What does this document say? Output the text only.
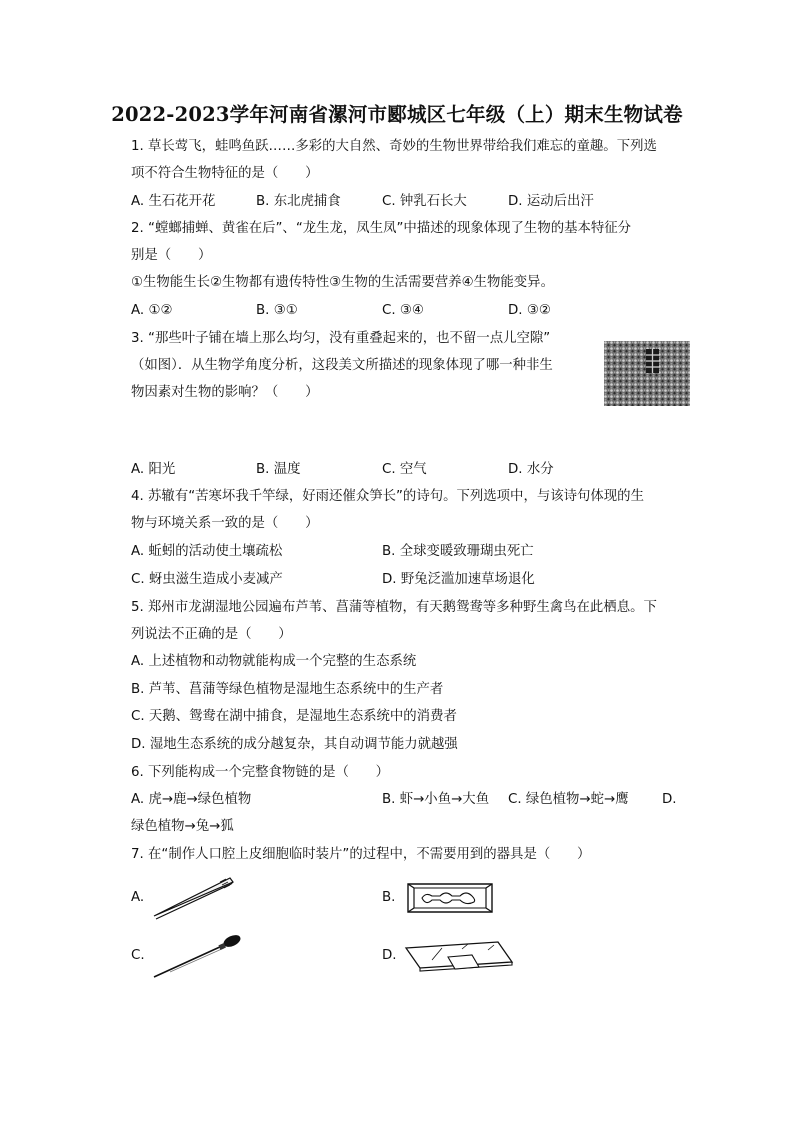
2022-2023学年河南省漯河市郾城区七年级（上）期末生物试卷
1. 草长莺飞，蛙鸣鱼跃……多彩的大自然、奇妙的生物世界带给我们难忘的童趣。下列选
项不符合生物特征的是（　　）
A. 生石花开花	B. 东北虎捕食	C. 钟乳石长大	D. 运动后出汗
2. “螳螂捕蝉、黄雀在后”、“龙生龙，凤生凤”中描述的现象体现了生物的基本特征分
别是（　　）
①生物能生长②生物都有遗传特性③生物的生活需要营养④生物能变异。
A. ①②	B. ③①	C. ③④	D. ③②
3. “那些叶子铺在墙上那么均匀，没有重叠起来的，也不留一点儿空隙”
（如图）．从生物学角度分析，这段美文所描述的现象体现了哪一种非生
物因素对生物的影响？（　　）
A. 阳光	B. 温度	C. 空气	D. 水分
4. 苏辙有“苦寒坏我千竿绿，好雨还催众笋长”的诗句。下列选项中，与该诗句体现的生
物与环境关系一致的是（　　）
A. 蚯蚓的活动使土壤疏松	B. 全球变暖致珊瑚虫死亡
C. 蚜虫滋生造成小麦减产	D. 野兔泛滥加速草场退化
5. 郑州市龙湖湿地公园遍布芦苇、菖蒲等植物，有天鹅鸳鸯等多种野生禽鸟在此栖息。下
列说法不正确的是（　　）
A. 上述植物和动物就能构成一个完整的生态系统
B. 芦苇、菖蒲等绿色植物是湿地生态系统中的生产者
C. 天鹅、鸳鸯在湖中捕食，是湿地生态系统中的消费者
D. 湿地生态系统的成分越复杂，其自动调节能力就越强
6. 下列能构成一个完整食物链的是（　　）
A. 虎→鹿→绿色植物	B. 虾→小鱼→大鱼 C. 绿色植物→蛇→鹰 D.
绿色植物→兔→狐
7. 在“制作人口腔上皮细胞临时装片”的过程中，不需要用到的器具是（　　）
A.	B.
C.	D.
